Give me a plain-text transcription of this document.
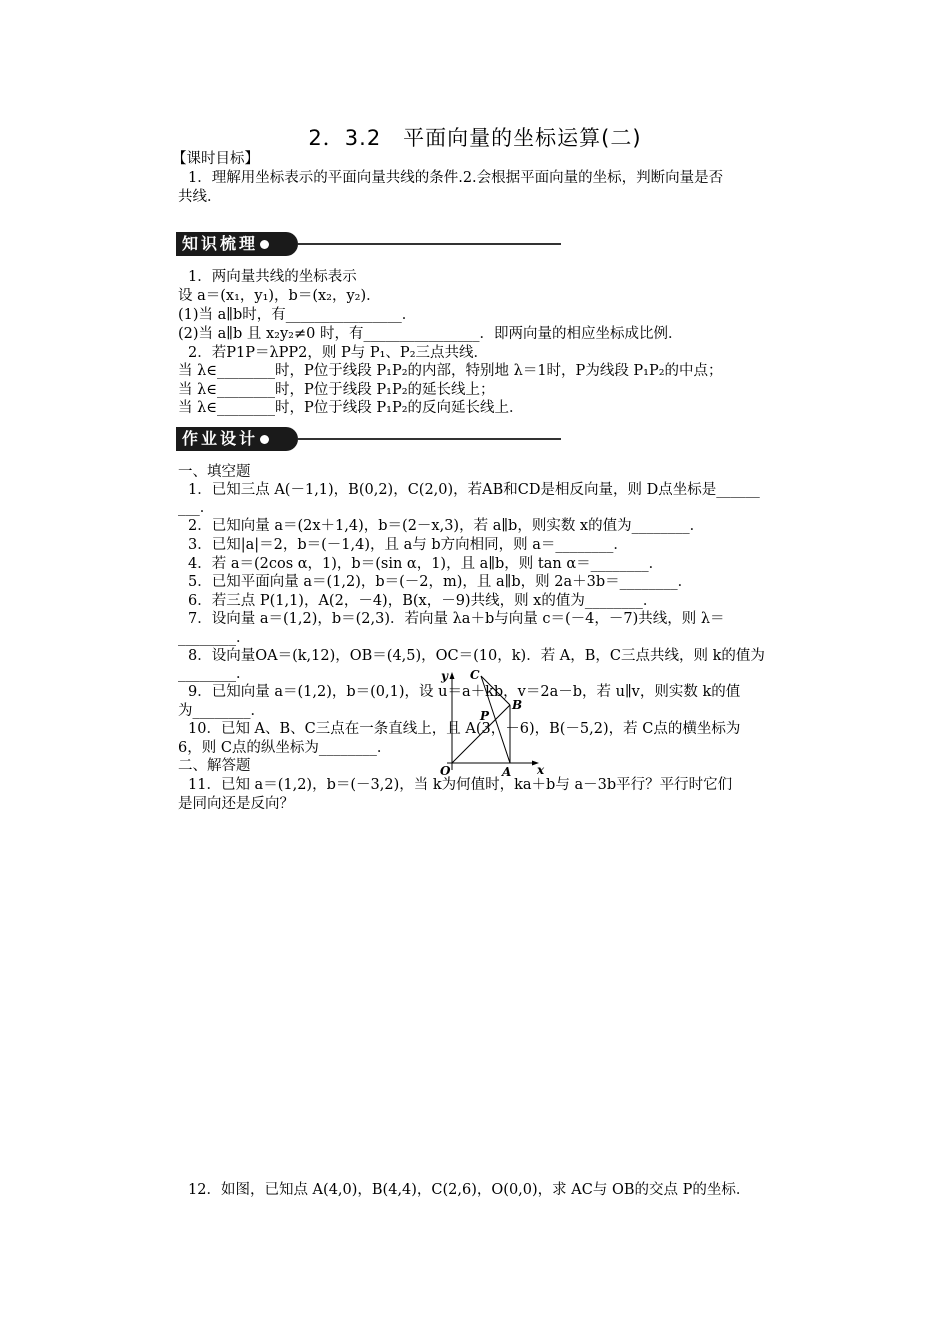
2．3.2　平面向量的坐标运算(二)
【课时目标】
1．理解用坐标表示的平面向量共线的条件.2.会根据平面向量的坐标，判断向量是否
共线．
知识梳理
1．两向量共线的坐标表示
设 a＝(x₁，y₁)，b＝(x₂，y₂)．
(1)当 a∥b时，有________________．
(2)当 a∥b 且 x₂y₂≠0 时，有________________．即两向量的相应坐标成比例．
2．若P1P＝λPP2，则 P与 P₁、P₂三点共线．
当 λ∈________时，P位于线段 P₁P₂的内部，特别地 λ＝1时，P为线段 P₁P₂的中点；
当 λ∈________时，P位于线段 P₁P₂的延长线上；
当 λ∈________时，P位于线段 P₁P₂的反向延长线上．
作业设计
一、填空题
1．已知三点 A(－1,1)，B(0,2)，C(2,0)，若AB和CD是相反向量，则 D点坐标是______
___．
2．已知向量 a＝(2x＋1,4)，b＝(2－x,3)，若 a∥b，则实数 x的值为________．
3．已知|a|＝2，b＝(－1,4)，且 a与 b方向相同，则 a＝________．
4．若 a＝(2cos α，1)，b＝(sin α，1)，且 a∥b，则 tan α＝________．
5．已知平面向量 a＝(1,2)，b＝(－2，m)，且 a∥b，则 2a＋3b＝________．
6．若三点 P(1,1)，A(2，－4)，B(x，－9)共线，则 x的值为________．
7．设向量 a＝(1,2)，b＝(2,3)．若向量 λa＋b与向量 c＝(－4，－7)共线，则 λ＝
________．
8．设向量OA＝(k,12)，OB＝(4,5)，OC＝(10，k)．若 A，B，C三点共线，则 k的值为
________．
9．已知向量 a＝(1,2)，b＝(0,1)，设 u＝a＋kb，v＝2a－b，若 u∥v，则实数 k的值
为________．
10．已知 A、B、C三点在一条直线上，且 A(3，－6)，B(－5,2)，若 C点的横坐标为
6，则 C点的纵坐标为________．
二、解答题
11．已知 a＝(1,2)，b＝(－3,2)，当 k为何值时，ka＋b与 a－3b平行？平行时它们
是同向还是反向？
y
x
O	A
B
C
P
12．如图，已知点 A(4,0)，B(4,4)，C(2,6)，O(0,0)，求 AC与 OB的交点 P的坐标．
